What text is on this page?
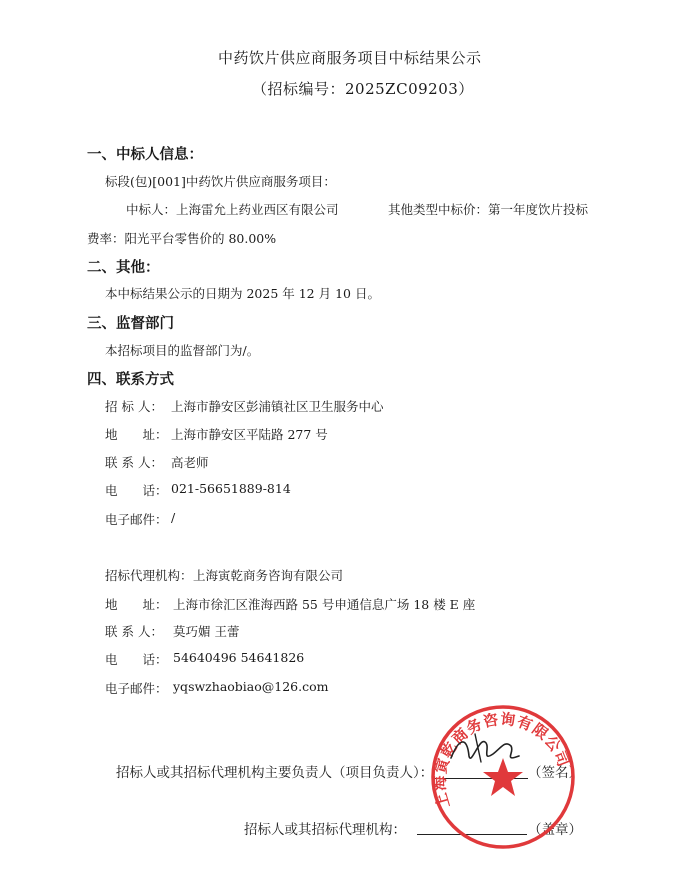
中药饮片供应商服务项目中标结果公示
（招标编号：2025ZC09203）
一、中标人信息：
标段(包)[001]中药饮片供应商服务项目：
中标人：上海雷允上药业西区有限公司	其他类型中标价：第一年度饮片投标
费率：阳光平台零售价的 80.00%
二、其他：
本中标结果公示的日期为 2025 年 12 月 10 日。
三、监督部门
本招标项目的监督部门为/。
四、联系方式
招 标 人： 上海市静安区彭浦镇社区卫生服务中心
地　　址： 上海市静安区平陆路 277 号
联 系 人： 高老师
电　　话： 021-56651889-814
电子邮件： /
招标代理机构： 上海寅乾商务咨询有限公司
地　　址： 上海市徐汇区淮海西路 55 号申通信息广场 18 楼 E 座
联 系 人： 莫巧媚 王蕾
电　　话： 54640496 54641826
电子邮件： yqswzhaobiao@126.com
招标人或其招标代理机构主要负责人（项目负责人）：	（签名）
招标人或其招标代理机构：	（盖章）
上海寅乾商务咨询有限公司
